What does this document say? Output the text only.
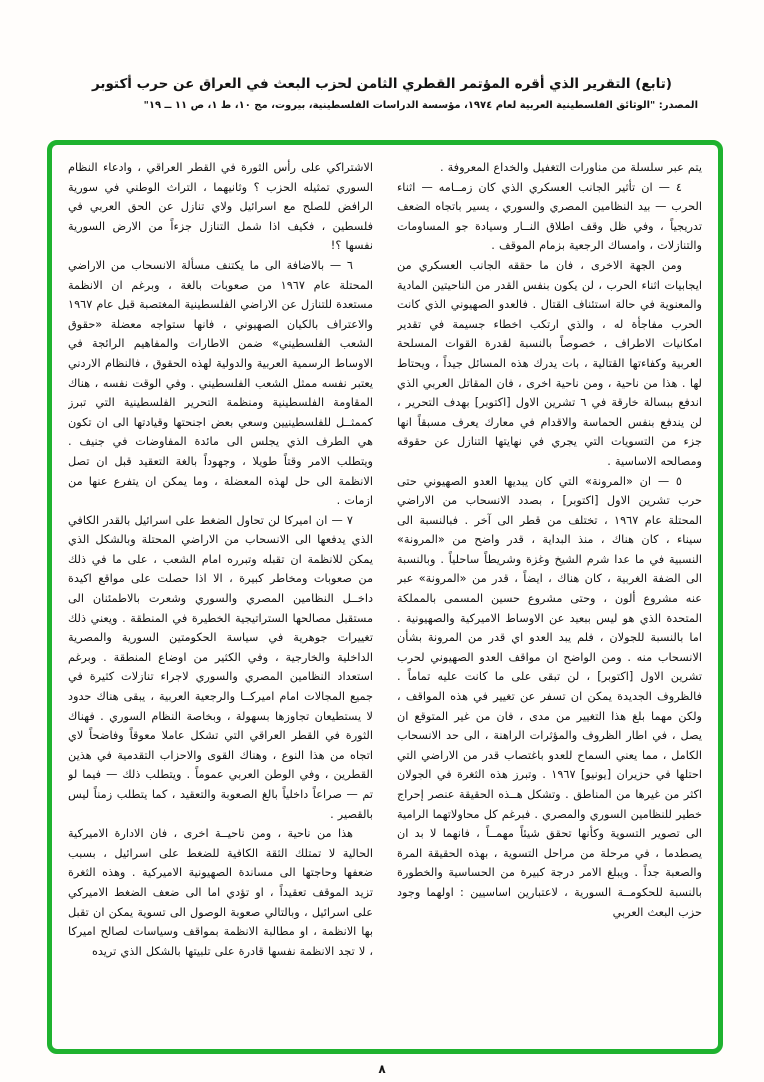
(تابع) التقرير الذي أقره المؤتمر القطري الثامن لحزب البعث في العراق عن حرب أكتوبر
المصدر: "الوثائق الفلسطينية العربية لعام ١٩٧٤، مؤسسة الدراسات الفلسطينية، بيروت، مج ١٠، ط ١، ص ١١ ــ ١٩"

يتم عبر سلسلة من مناورات التغفيل والخداع المعروفة .

٤ — ان تأثير الجانب العسكري الذي كان زمــامه — اثناء الحرب — بيد النظامين المصري والسوري ، يسير باتجاه الضعف تدريجياً ، وفي ظل وقف اطلاق النــار وسيادة جو المساومات والتنازلات ، وامساك الرجعية بزمام الموقف .

ومن الجهة الاخرى ، فان ما حققه الجانب العسكري من ايجابيات اثناء الحرب ، لن يكون بنفس القدر من الناحيتين المادية والمعنوية في حالة استئناف القتال . فالعدو الصهيوني الذي كانت الحرب مفاجأة له ، والذي ارتكب اخطاء جسيمة في تقدير امكانيات الاطراف ، خصوصاً بالنسبة لقدرة القوات المسلحة العربية وكفاءتها القتالية ، بات يدرك هذه المسائل جيداً ، ويحتاط لها . هذا من ناحية ، ومن ناحية اخرى ، فان المقاتل العربي الذي اندفع ببسالة خارقة في ٦ تشرين الاول [اكتوبر] بهدف التحرير ، لن يندفع بنفس الحماسة والاقدام في معارك يعرف مسبقاً انها جزء من التسويات التي يجري في نهايتها التنازل عن حقوقه ومصالحه الاساسية .

٥ — ان «المرونة» التي كان يبديها العدو الصهيوني حتى حرب تشرين الاول [اكتوبر] ، بصدد الانسحاب من الاراضي المحتلة عام ١٩٦٧ ، تختلف من قطر الى آخر . فبالنسبة الى سيناء ، كان هناك ، منذ البداية ، قدر واضح من «المرونة» النسبية في ما عدا شرم الشيخ وغزة وشريطاً ساحلياً . وبالنسبة الى الضفة الغربية ، كان هناك ، ايضاً ، قدر من «المرونة» عبر عنه مشروع ألون ، وحتى مشروع حسين المسمى بالمملكة المتحدة الذي هو ليس ببعيد عن الاوساط الاميركية والصهيونية . اما بالنسبة للجولان ، فلم يبد العدو اي قدر من المرونة بشأن الانسحاب منه . ومن الواضح ان مواقف العدو الصهيوني لحرب تشرين الاول [اكتوبر] ، لن تبقى على ما كانت عليه تماماً . فالظروف الجديدة يمكن ان تسفر عن تغيير في هذه المواقف ، ولكن مهما بلغ هذا التغيير من مدى ، فان من غير المتوقع ان يصل ، في اطار الظروف والمؤثرات الراهنة ، الى حد الانسحاب الكامل ، مما يعني السماح للعدو باغتصاب قدر من الاراضي التي احتلها في حزيران [يونيو] ١٩٦٧ . وتبرز هذه الثغرة في الجولان اكثر من غيرها من المناطق . وتشكل هــذه الحقيقة عنصر إحراج خطير للنظامين السوري والمصري . فبرغم كل محاولاتهما الرامية الى تصوير التسوية وكأنها تحقق شيئاً مهمــاً ، فانهما لا بد ان يصطدما ، في مرحلة من مراحل التسوية ، بهذه الحقيقة المرة والصعبة جداً . ويبلغ الامر درجة كبيرة من الحساسية والخطورة بالنسبة للحكومــة السورية ، لاعتبارين اساسيين : اولهما وجود حزب البعث العربي

الاشتراكي على رأس الثورة في القطر العراقي ، وادعاء النظام السوري تمثيله الحزب ؟ وثانيهما ، التراث الوطني في سورية الرافض للصلح مع اسرائيل ولاي تنازل عن الحق العربي في فلسطين ، فكيف اذا شمل التنازل جزءاً من الارض السورية نفسها ؟!

٦ — بالاضافة الى ما يكتنف مسألة الانسحاب من الاراضي المحتلة عام ١٩٦٧ من صعوبات بالغة ، وبرغم ان الانظمة مستعدة للتنازل عن الاراضي الفلسطينية المغتصبة قبل عام ١٩٦٧ والاعتراف بالكيان الصهيوني ، فانها ستواجه معضلة «حقوق الشعب الفلسطيني» ضمن الاطارات والمفاهيم الرائجة في الاوساط الرسمية العربية والدولية لهذه الحقوق ، فالنظام الاردني يعتبر نفسه ممثل الشعب الفلسطيني . وفي الوقت نفسه ، هناك المقاومة الفلسطينية ومنظمة التحرير الفلسطينية التي تبرز كممثــل للفلسطينيين وسعي بعض اجنحتها وقيادتها الى ان تكون هي الطرف الذي يجلس الى مائدة المفاوضات في جنيف . ويتطلب الامر وقتاً طويلا ، وجهوداً بالغة التعقيد قبل ان تصل الانظمة الى حل لهذه المعضلة ، وما يمكن ان يتفرع عنها من ازمات .

٧ — ان اميركا لن تحاول الضغط على اسرائيل بالقدر الكافي الذي يدفعها الى الانسحاب من الاراضي المحتلة وبالشكل الذي يمكن للانظمة ان تقبله وتبرره امام الشعب ، على ما في ذلك من صعوبات ومخاطر كبيرة ، الا اذا حصلت على مواقع اكيدة داخــل النظامين المصري والسوري وشعرت بالاطمئنان الى مستقبل مصالحها الستراتيجية الخطيرة في المنطقة . ويعني ذلك تغييرات جوهرية في سياسة الحكومتين السورية والمصرية الداخلية والخارجية ، وفي الكثير من اوضاع المنطقة . وبرغم استعداد النظامين المصري والسوري لاجراء تنازلات كثيرة في جميع المجالات امام اميركــا والرجعية العربية ، يبقى هناك حدود لا يستطيعان تجاوزها بسهولة ، وبخاصة النظام السوري . فهناك الثورة في القطر العراقي التي تشكل عاملا معوقاً وفاضحاً لاي اتجاه من هذا النوع ، وهناك القوى والاحزاب التقدمية في هذين القطرين ، وفي الوطن العربي عموماً . ويتطلب ذلك — فيما لو تم — صراعاً داخلياً بالغ الصعوبة والتعقيد ، كما يتطلب زمناً ليس بالقصير .

هذا من ناحية ، ومن ناحيــة اخرى ، فان الادارة الاميركية الحالية لا تمتلك الثقة الكافية للضغط على اسرائيل ، بسبب ضعفها وحاجتها الى مساندة الصهيونية الاميركية . وهذه الثغرة تزيد الموقف تعقيداً ، او تؤدي اما الى ضعف الضغط الاميركي على اسرائيل ، وبالتالي صعوبة الوصول الى تسوية يمكن ان تقبل بها الانظمة ، او مطالبة الانظمة بمواقف وسياسات لصالح اميركا ، لا تجد الانظمة نفسها قادرة على تلبيتها بالشكل الذي تريده

٨
